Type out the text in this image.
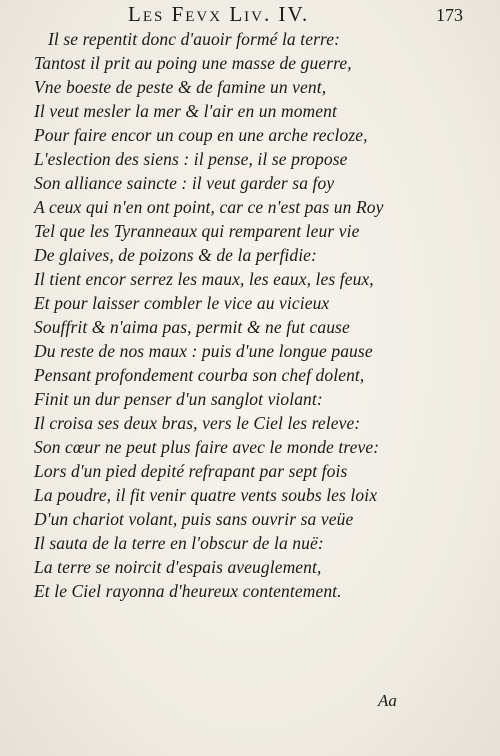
Les Fevx Liv. IV.	173
Il se repentit donc d'auoir formé la terre:
Tantost il prit au poing une masse de guerre,
Vne boeste de peste & de famine un vent,
Il veut mesler la mer & l'air en un moment
Pour faire encor un coup en une arche recloze,
L'eslection des siens : il pense, il se propose
Son alliance saincte : il veut garder sa foy
A ceux qui n'en ont point, car ce n'est pas un Roy
Tel que les Tyranneaux qui remparent leur vie
De glaives, de poizons & de la perfidie:
Il tient encor serrez les maux, les eaux, les feux,
Et pour laisser combler le vice au vicieux
Souffrit & n'aima pas, permit & ne fut cause
Du reste de nos maux : puis d'une longue pause
Pensant profondement courba son chef dolent,
Finit un dur penser d'un sanglot violant:
Il croisa ses deux bras, vers le Ciel les releve:
Son cœur ne peut plus faire avec le monde treve:
Lors d'un pied depité refrapant par sept fois
La poudre, il fit venir quatre vents soubs les loix
D'un chariot volant, puis sans ouvrir sa veüe
Il sauta de la terre en l'obscur de la nuë:
La terre se noircit d'espais aveuglement,
Et le Ciel rayonna d'heureux contentement.
Aa
